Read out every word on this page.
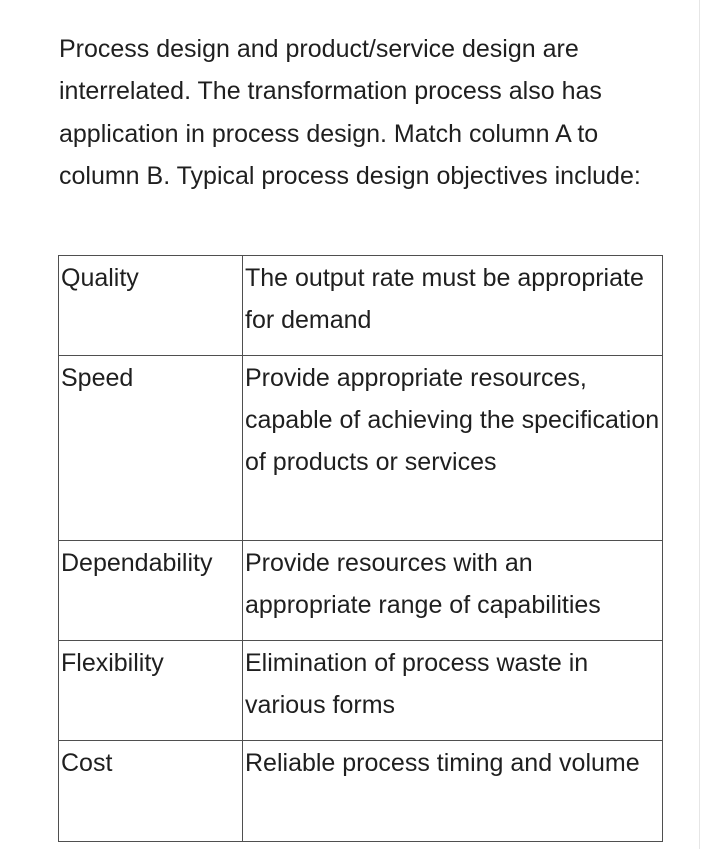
Process design and product/service design are interrelated. The transformation process also has application in process design. Match column A to column B. Typical process design objectives include:

Quality	The output rate must be appropriate for demand

Speed	Provide appropriate resources, capable of achieving the specification of products or services

Dependability	Provide resources with an appropriate range of capabilities

Flexibility	Elimination of process waste in various forms

Cost	Reliable process timing and volume
